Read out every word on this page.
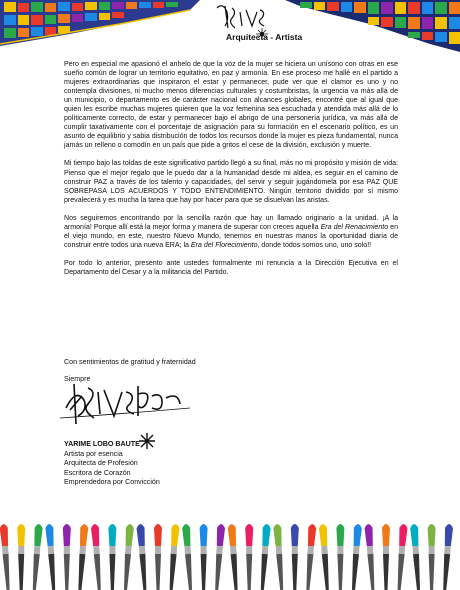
Arquitecta - Artista

Pero en especial me apasionó el anhelo de que la voz de la mujer se hiciera un unísono con otras en ese sueño común de lograr un territorio equitativo, en paz y armonía. En ese proceso me hallé en el partido a mujeres extraordinarias que inspiraron el estar y permanecer, pude ver que el clamor es uno y no contempla divisiones, ni mucho menos diferencias culturales y costumbristas, la urgencia va más allá de un municipio, o departamento es de carácter nacional con alcances globales, encontré que al igual que quien les escribe muchas mujeres quieren que la voz femenina sea escuchada y atendida más allá de lo políticamente correcto, de estar y permanecer bajo el abrigo de una personería jurídica, va más allá de cumplir taxativamente con el porcentaje de asignación para su formación en el escenario político, es un asunto de equilibrio y sabia distribución de todos los recursos donde la mujer es pieza fundamental, nunca jamás un relleno o comodín en un país que pide a gritos el cese de la división, exclusión y muerte.

Mi tiempo bajo las toldas de este significativo partido llegó a su final, más no mi propósito y misión de vida: Pienso que el mejor regalo que le puedo dar a la humanidad desde mi aldea, es seguir en el camino de construir PAZ a través de los talento y capacidades, del servir y seguir jugándomela por esa PAZ QUE SOBREPASA LOS ACUERDOS Y TODO ENTENDIMIENTO. Ningún territorio dividido por sí mismo prevalecerá y es mucha la tarea que hay por hacer para que se disuelvan las aristas.

Nos seguiremos encontrando por la sencilla razón que hay un llamado originario a la unidad. ¡A la armonía! Porque allí está la mejor forma y manera de superar con creces aquella Era del Renacimiento en el viejo mundo, en este, nuestro Nuevo Mundo, tenemos en nuestras manos la oportunidad diaria de construir entre todos una nueva ERA; la Era del Florecimiento, donde todos somos uno, uno solo!!

Por todo lo anterior, presento ante ustedes formalmente mi renuncia a la Dirección Ejecutiva en el Departamento del Cesar y a la militancia del Partido.

Con sentimientos de gratitud y fraternidad
Siempre
YARIME LOBO BAUTE
Artista por esencia
Arquitecta de Profesión
Escritora de Corazón
Emprendedora por Convicción
